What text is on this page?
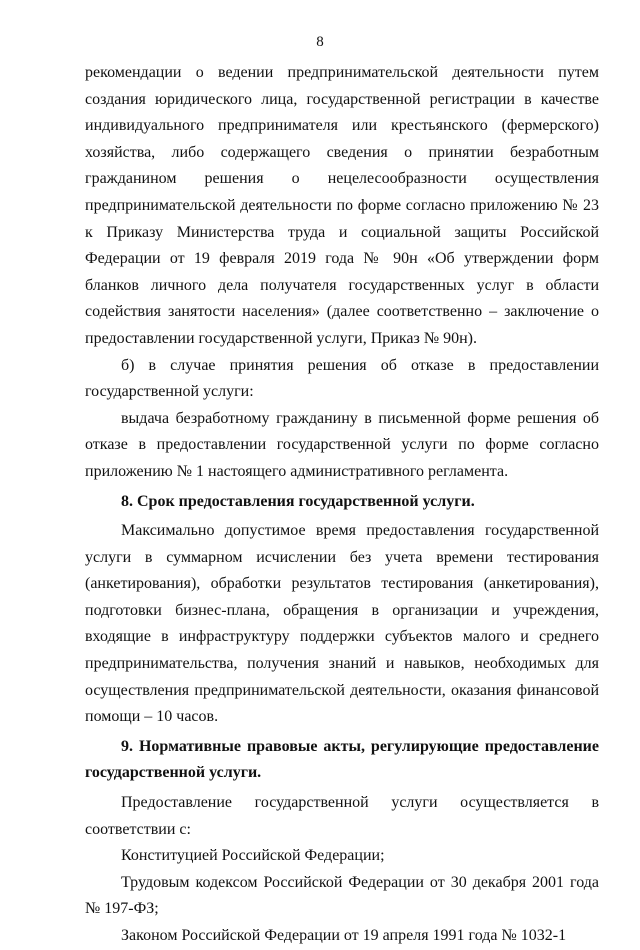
8

рекомендации о ведении предпринимательской деятельности путем создания юридического лица, государственной регистрации в качестве индивидуального предпринимателя или крестьянского (фермерского) хозяйства, либо содержащего сведения о принятии безработным гражданином решения о нецелесообразности осуществления предпринимательской деятельности по форме согласно приложению № 23 к Приказу Министерства труда и социальной защиты Российской Федерации от 19 февраля 2019 года № 90н «Об утверждении форм бланков личного дела получателя государственных услуг в области содействия занятости населения» (далее соответственно – заключение о предоставлении государственной услуги, Приказ № 90н).

б) в случае принятия решения об отказе в предоставлении государственной услуги:

выдача безработному гражданину в письменной форме решения об отказе в предоставлении государственной услуги по форме согласно приложению № 1 настоящего административного регламента.

8. Срок предоставления государственной услуги.

Максимально допустимое время предоставления государственной услуги в суммарном исчислении без учета времени тестирования (анкетирования), обработки результатов тестирования (анкетирования), подготовки бизнес-плана, обращения в организации и учреждения, входящие в инфраструктуру поддержки субъектов малого и среднего предпринимательства, получения знаний и навыков, необходимых для осуществления предпринимательской деятельности, оказания финансовой помощи – 10 часов.

9. Нормативные правовые акты, регулирующие предоставление государственной услуги.

Предоставление государственной услуги осуществляется в соответствии с:

Конституцией Российской Федерации;

Трудовым кодексом Российской Федерации от 30 декабря 2001 года № 197-ФЗ;

Законом Российской Федерации от 19 апреля 1991 года № 1032-1
